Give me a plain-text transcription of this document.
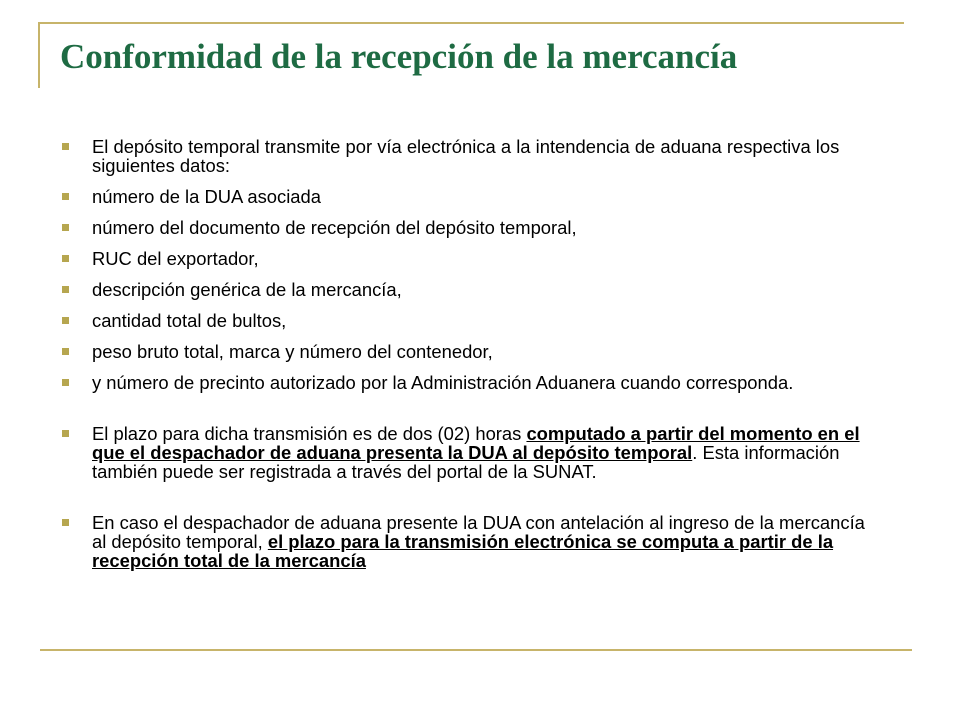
Conformidad de la recepción de la mercancía
El depósito temporal transmite por vía electrónica a la intendencia de aduana respectiva los siguientes datos:
número de la DUA asociada
número del documento de recepción del depósito temporal,
RUC del exportador,
descripción genérica de la mercancía,
cantidad total de bultos,
peso bruto total, marca y número del contenedor,
y número de precinto autorizado por la Administración Aduanera cuando corresponda.
El plazo para dicha transmisión es de dos (02) horas computado a partir del momento en el que el despachador de aduana presenta la DUA al depósito temporal. Esta información también puede ser registrada a través del portal de la SUNAT.
En caso el despachador de aduana presente la DUA con antelación al ingreso de la mercancía al depósito temporal, el plazo para la transmisión electrónica se computa a partir de la recepción total de la mercancía
